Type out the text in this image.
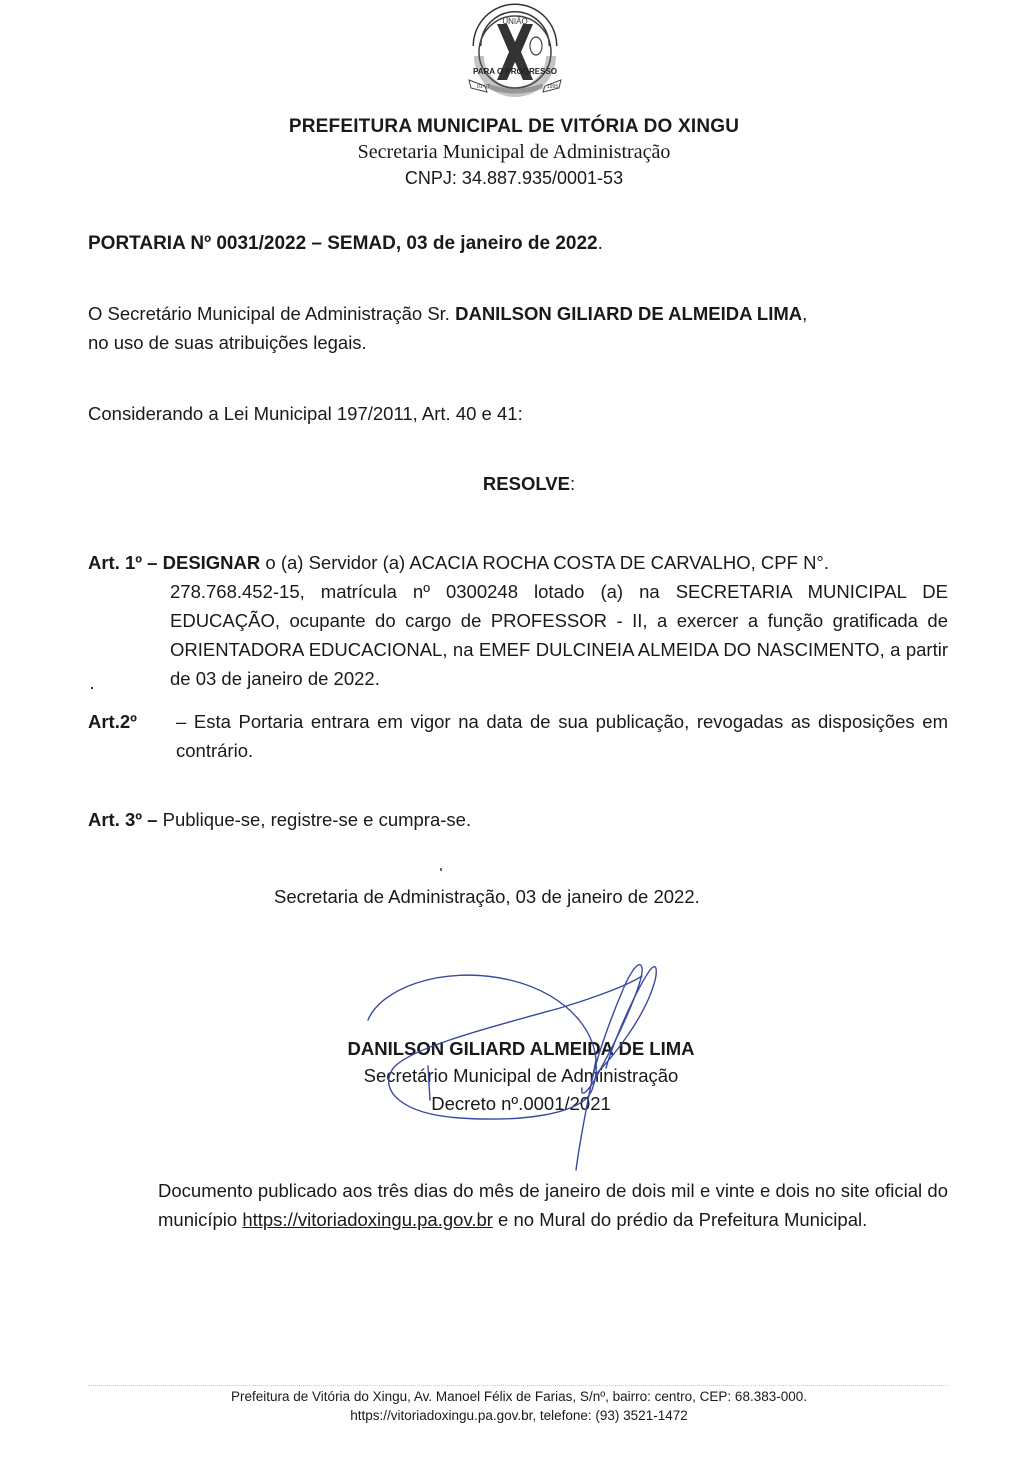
UNIÃO
PARA O PROGRESSO
01-07	1995
PREFEITURA MUNICIPAL DE VITÓRIA DO XINGU
Secretaria Municipal de Administração
CNPJ: 34.887.935/0001-53
PORTARIA Nº 0031/2022 – SEMAD, 03 de janeiro de 2022.
O Secretário Municipal de Administração Sr. DANILSON GILIARD DE ALMEIDA LIMA,
no uso de suas atribuições legais.
Considerando a Lei Municipal 197/2011, Art. 40 e 41:
RESOLVE:
Art. 1º – DESIGNAR o (a) Servidor (a) ACACIA ROCHA COSTA DE CARVALHO, CPF N°.
278.768.452-15, matrícula nº 0300248 lotado (a) na SECRETARIA MUNICIPAL DE EDUCAÇÃO, ocupante do cargo de PROFESSOR - II, a exercer a função gratificada de ORIENTADORA EDUCACIONAL, na EMEF DULCINEIA ALMEIDA DO NASCIMENTO, a partir de 03 de janeiro de 2022.
Art.2º	– Esta Portaria entrara em vigor na data de sua publicação, revogadas as disposições em contrário.
Art. 3º – Publique-se, registre-se e cumpra-se.
Secretaria de Administração, 03 de janeiro de 2022.
DANILSON GILIARD ALMEIDA DE LIMA
Secretário Municipal de Administração
Decreto nº.0001/2021
Documento publicado aos três dias do mês de janeiro de dois mil e vinte e dois no site oficial do município https://vitoriadoxingu.pa.gov.br e no Mural do prédio da Prefeitura Municipal.
Prefeitura de Vitória do Xingu, Av. Manoel Félix de Farias, S/nº, bairro: centro, CEP: 68.383-000.
https://vitoriadoxingu.pa.gov.br, telefone: (93) 3521-1472
